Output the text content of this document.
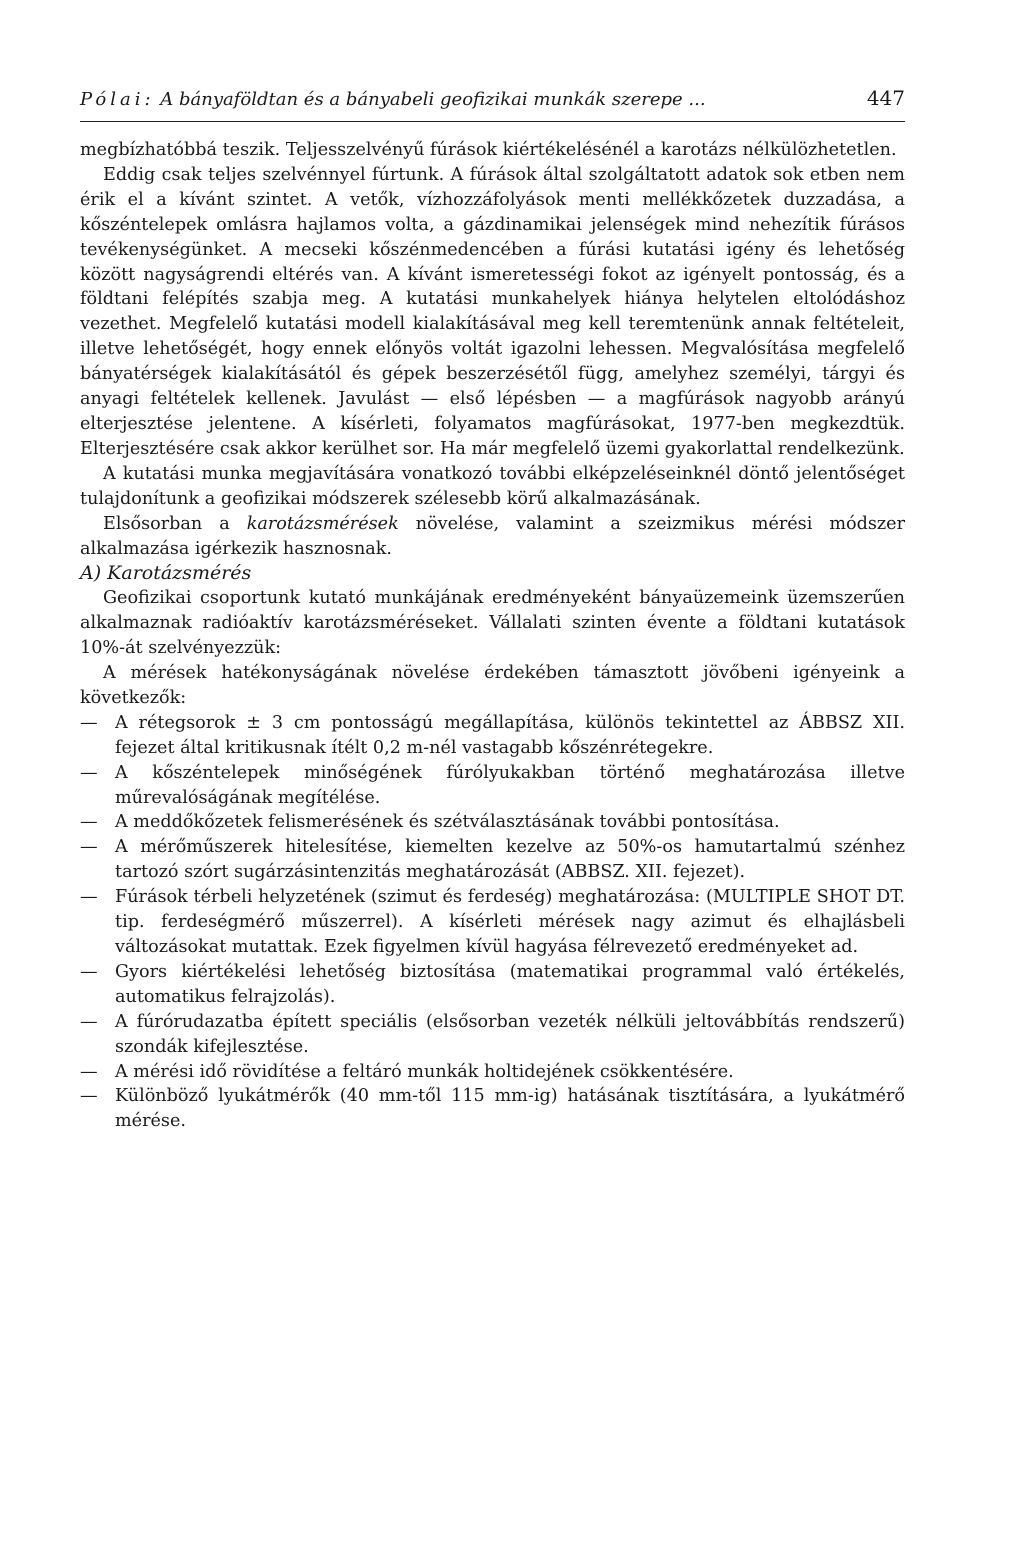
Pólai: A bányaföldtan és a bányabeli geofizikai munkák szerepe ...	447

megbízhatóbbá teszik. Teljesszelvényű fúrások kiértékelésénél a karotázs nélkülözhetetlen.

Eddig csak teljes szelvénnyel fúrtunk. A fúrások által szolgáltatott adatok sok etben nem érik el a kívánt szintet. A vetők, vízhozzáfolyások menti mellékkőzetek duzzadása, a kőszéntelepek omlásra hajlamos volta, a gázdinamikai jelenségek mind nehezítik fúrásos tevékenységünket. A mecseki kőszénmedencében a fúrási kutatási igény és lehetőség között nagyságrendi eltérés van. A kívánt ismeretességi fokot az igényelt pontosság, és a földtani felépítés szabja meg. A kutatási munkahelyek hiánya helytelen eltolódáshoz vezethet. Megfelelő kutatási modell kialakításával meg kell teremtenünk annak feltételeit, illetve lehetőségét, hogy ennek előnyös voltát igazolni lehessen. Megvalósítása megfelelő bányatérségek kialakításától és gépek beszerzésétől függ, amelyhez személyi, tárgyi és anyagi feltételek kellenek. Javulást — első lépésben — a magfúrások nagyobb arányú elterjesztése jelentene. A kísérleti, folyamatos magfúrásokat, 1977-ben megkezdtük. Elterjesztésére csak akkor kerülhet sor. Ha már megfelelő üzemi gyakorlattal rendelkezünk.

A kutatási munka megjavítására vonatkozó további elképzeléseinknél döntő jelentőséget tulajdonítunk a geofizikai módszerek szélesebb körű alkalmazásának.

Elsősorban a karotázsmérések növelése, valamint a szeizmikus mérési módszer alkalmazása igérkezik hasznosnak.

A) Karotázsmérés

Geofizikai csoportunk kutató munkájának eredményeként bányaüzemeink üzemszerűen alkalmaznak radióaktív karotázsméréseket. Vállalati szinten évente a földtani kutatások 10%-át szelvényezzük:

A mérések hatékonyságának növelése érdekében támasztott jövőbeni igényeink a következők:

— A rétegsorok ± 3 cm pontosságú megállapítása, különös tekintettel az ÁBBSZ XII. fejezet által kritikusnak ítélt 0,2 m-nél vastagabb kőszénrétegekre.
— A kőszéntelepek minőségének fúrólyukakban történő meghatározása illetve műrevalóságának megítélése.
— A meddőkőzetek felismerésének és szétválasztásának további pontosítása.
— A mérőműszerek hitelesítése, kiemelten kezelve az 50%-os hamutartalmú szénhez tartozó szórt sugárzásintenzitás meghatározását (ABBSZ. XII. fejezet).
— Fúrások térbeli helyzetének (szimut és ferdeség) meghatározása: (MULTIPLE SHOT DT. tip. ferdeségmérő műszerrel). A kísérleti mérések nagy azimut és elhajlásbeli változásokat mutattak. Ezek figyelmen kívül hagyása félrevezető eredményeket ad.
— Gyors kiértékelési lehetőség biztosítása (matematikai programmal való értékelés, automatikus felrajzolás).
— A fúrórudazatba épített speciális (elsősorban vezeték nélküli jeltovábbítás rendszerű) szondák kifejlesztése.
— A mérési idő rövidítése a feltáró munkák holtidejének csökkentésére.
— Különböző lyukátmérők (40 mm-től 115 mm-ig) hatásának tisztítására, a lyukátmérő mérése.
